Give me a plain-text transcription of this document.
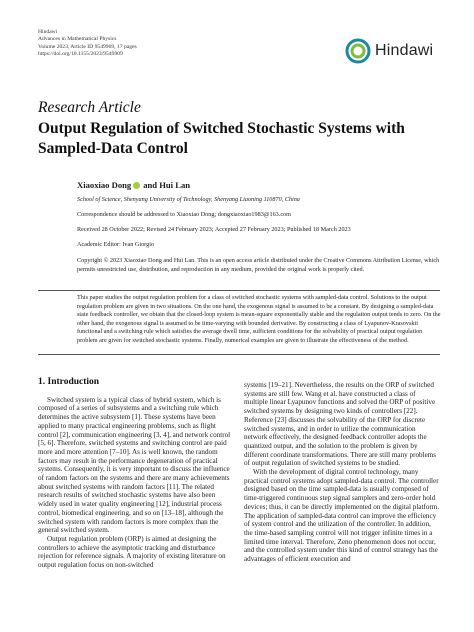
Hindawi
Advances in Mathematical Physics
Volume 2023, Article ID 9549909, 17 pages
https://doi.org/10.1155/2023/9549909	Hindawi
Research Article
Output Regulation of Switched Stochastic Systems with Sampled-Data Control
Xiaoxiao Dong and Hui Lan
School of Science, Shenyang University of Technology, Shenyang Liaoning 110870, China
Correspondence should be addressed to Xiaoxiao Dong; dongxiaoxiao1983@163.com
Received 28 October 2022; Revised 24 February 2023; Accepted 27 February 2023; Published 18 March 2023
Academic Editor: Ivan Giorgio
Copyright © 2023 Xiaoxiao Dong and Hui Lan. This is an open access article distributed under the Creative Commons Attribution License, which permits unrestricted use, distribution, and reproduction in any medium, provided the original work is properly cited.
This paper studies the output regulation problem for a class of switched stochastic systems with sampled-data control. Solutions to the output regulation problem are given in two situations. On the one hand, the exogenous signal is assumed to be a constant. By designing a sampled-data state feedback controller, we obtain that the closed-loop system is mean-square exponentially stable and the regulation output tends to zero. On the other hand, the exogenous signal is assumed to be time-varying with bounded derivative. By constructing a class of Lyapunov-Krasovskii functional and a switching rule which satisfies the average dwell time, sufficient conditions for the solvability of practical output regulation problem are given for switched stochastic systems. Finally, numerical examples are given to illustrate the effectiveness of the method.
1. Introduction

Switched system is a typical class of hybrid system, which is composed of a series of subsystems and a switching rule which determines the active subsystem [1]. These systems have been applied to many practical engineering problems, such as flight control [2], communication engineering [3, 4], and network control [5, 6]. Therefore, switched systems and switching control are paid more and more attention [7–10]. As is well known, the random factors may result in the performance degeneration of practical systems. Consequently, it is very important to discuss the influence of random factors on the systems and there are many achievements about switched systems with random factors [11]. The related research results of switched stochastic systems have also been widely used in water quality engineering [12], industrial process control, biomedical engineering, and so on [13–18], although the switched system with random factors is more complex than the general switched system.

Output regulation problem (ORP) is aimed at designing the controllers to achieve the asymptotic tracking and disturbance rejection for reference signals. A majority of existing literature on output regulation focus on non-switched

systems [19–21]. Nevertheless, the results on the ORP of switched systems are still few. Wang et al. have constructed a class of multiple linear Lyapunov functions and solved the ORP of positive switched systems by designing two kinds of controllers [22]. Reference [23] discusses the solvability of the ORP for discrete switched systems, and in order to utilize the communication network effectively, the designed feedback controller adopts the quantized output, and the solution to the problem is given by different coordinate transformations. There are still many problems of output regulation of switched systems to be studied.

With the development of digital control technology, many practical control systems adopt sampled-data control. The controller designed based on the time sampled-data is usually composed of time-triggered continuous step signal samplers and zero-order hold devices; thus, it can be directly implemented on the digital platform. The application of sampled-data control can improve the efficiency of system control and the utilization of the controller. In addition, the time-based sampling control will not trigger infinite times in a limited time interval. Therefore, Zeno phenomenon does not occur, and the controlled system under this kind of control strategy has the advantages of efficient execution and
